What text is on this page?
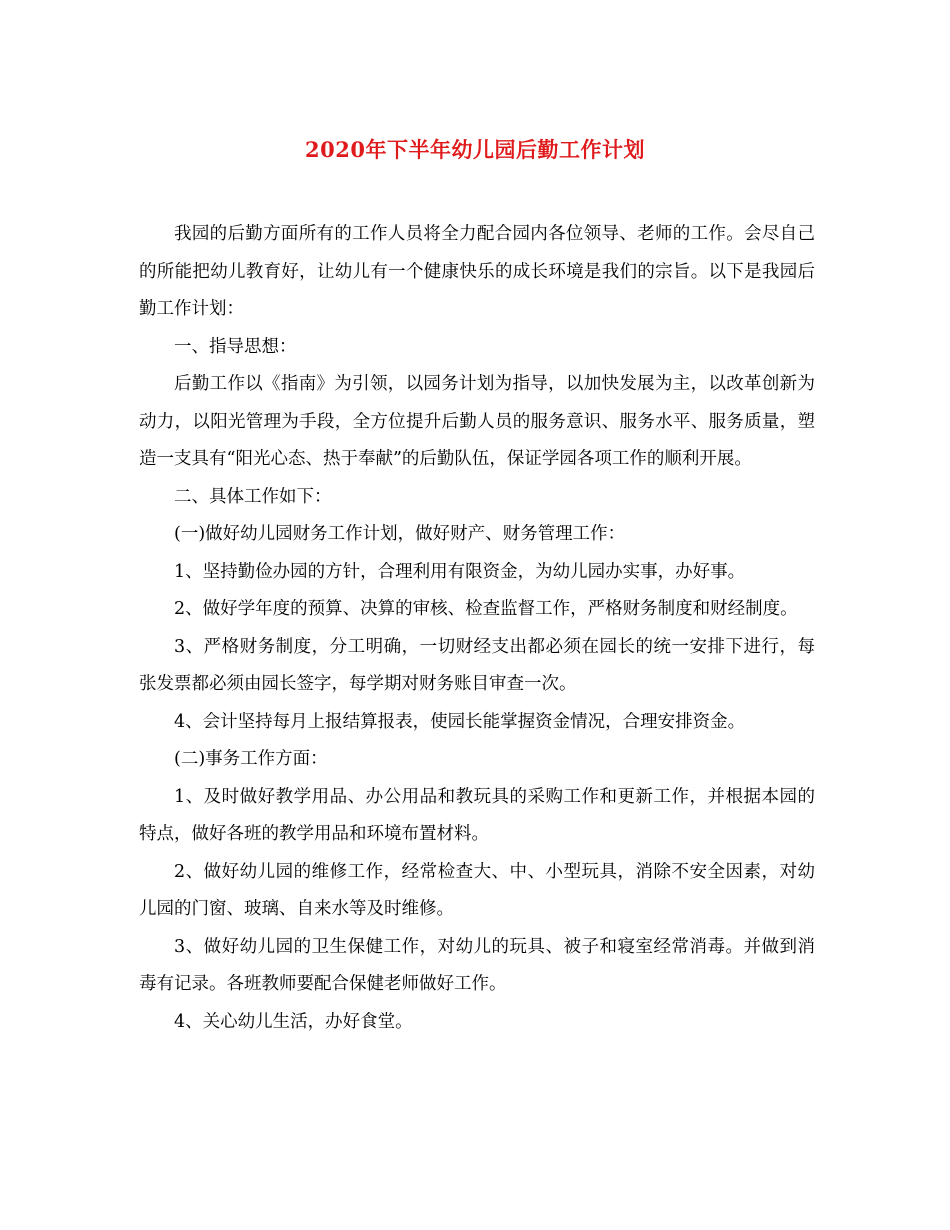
2020年下半年幼儿园后勤工作计划

我园的后勤方面所有的工作人员将全力配合园内各位领导、老师的工作。会尽自己的所能把幼儿教育好，让幼儿有一个健康快乐的成长环境是我们的宗旨。以下是我园后勤工作计划：

一、指导思想：

后勤工作以《指南》为引领，以园务计划为指导，以加快发展为主，以改革创新为动力，以阳光管理为手段，全方位提升后勤人员的服务意识、服务水平、服务质量，塑造一支具有“阳光心态、热于奉献”的后勤队伍，保证学园各项工作的顺利开展。

二、具体工作如下：

(一)做好幼儿园财务工作计划，做好财产、财务管理工作：

1、坚持勤俭办园的方针，合理利用有限资金，为幼儿园办实事，办好事。

2、做好学年度的预算、决算的审核、检查监督工作，严格财务制度和财经制度。

3、严格财务制度，分工明确，一切财经支出都必须在园长的统一安排下进行，每张发票都必须由园长签字，每学期对财务账目审查一次。

4、会计坚持每月上报结算报表，使园长能掌握资金情况，合理安排资金。

(二)事务工作方面：

1、及时做好教学用品、办公用品和教玩具的采购工作和更新工作，并根据本园的特点，做好各班的教学用品和环境布置材料。

2、做好幼儿园的维修工作，经常检查大、中、小型玩具，消除不安全因素，对幼儿园的门窗、玻璃、自来水等及时维修。

3、做好幼儿园的卫生保健工作，对幼儿的玩具、被子和寝室经常消毒。并做到消毒有记录。各班教师要配合保健老师做好工作。

4、关心幼儿生活，办好食堂。
